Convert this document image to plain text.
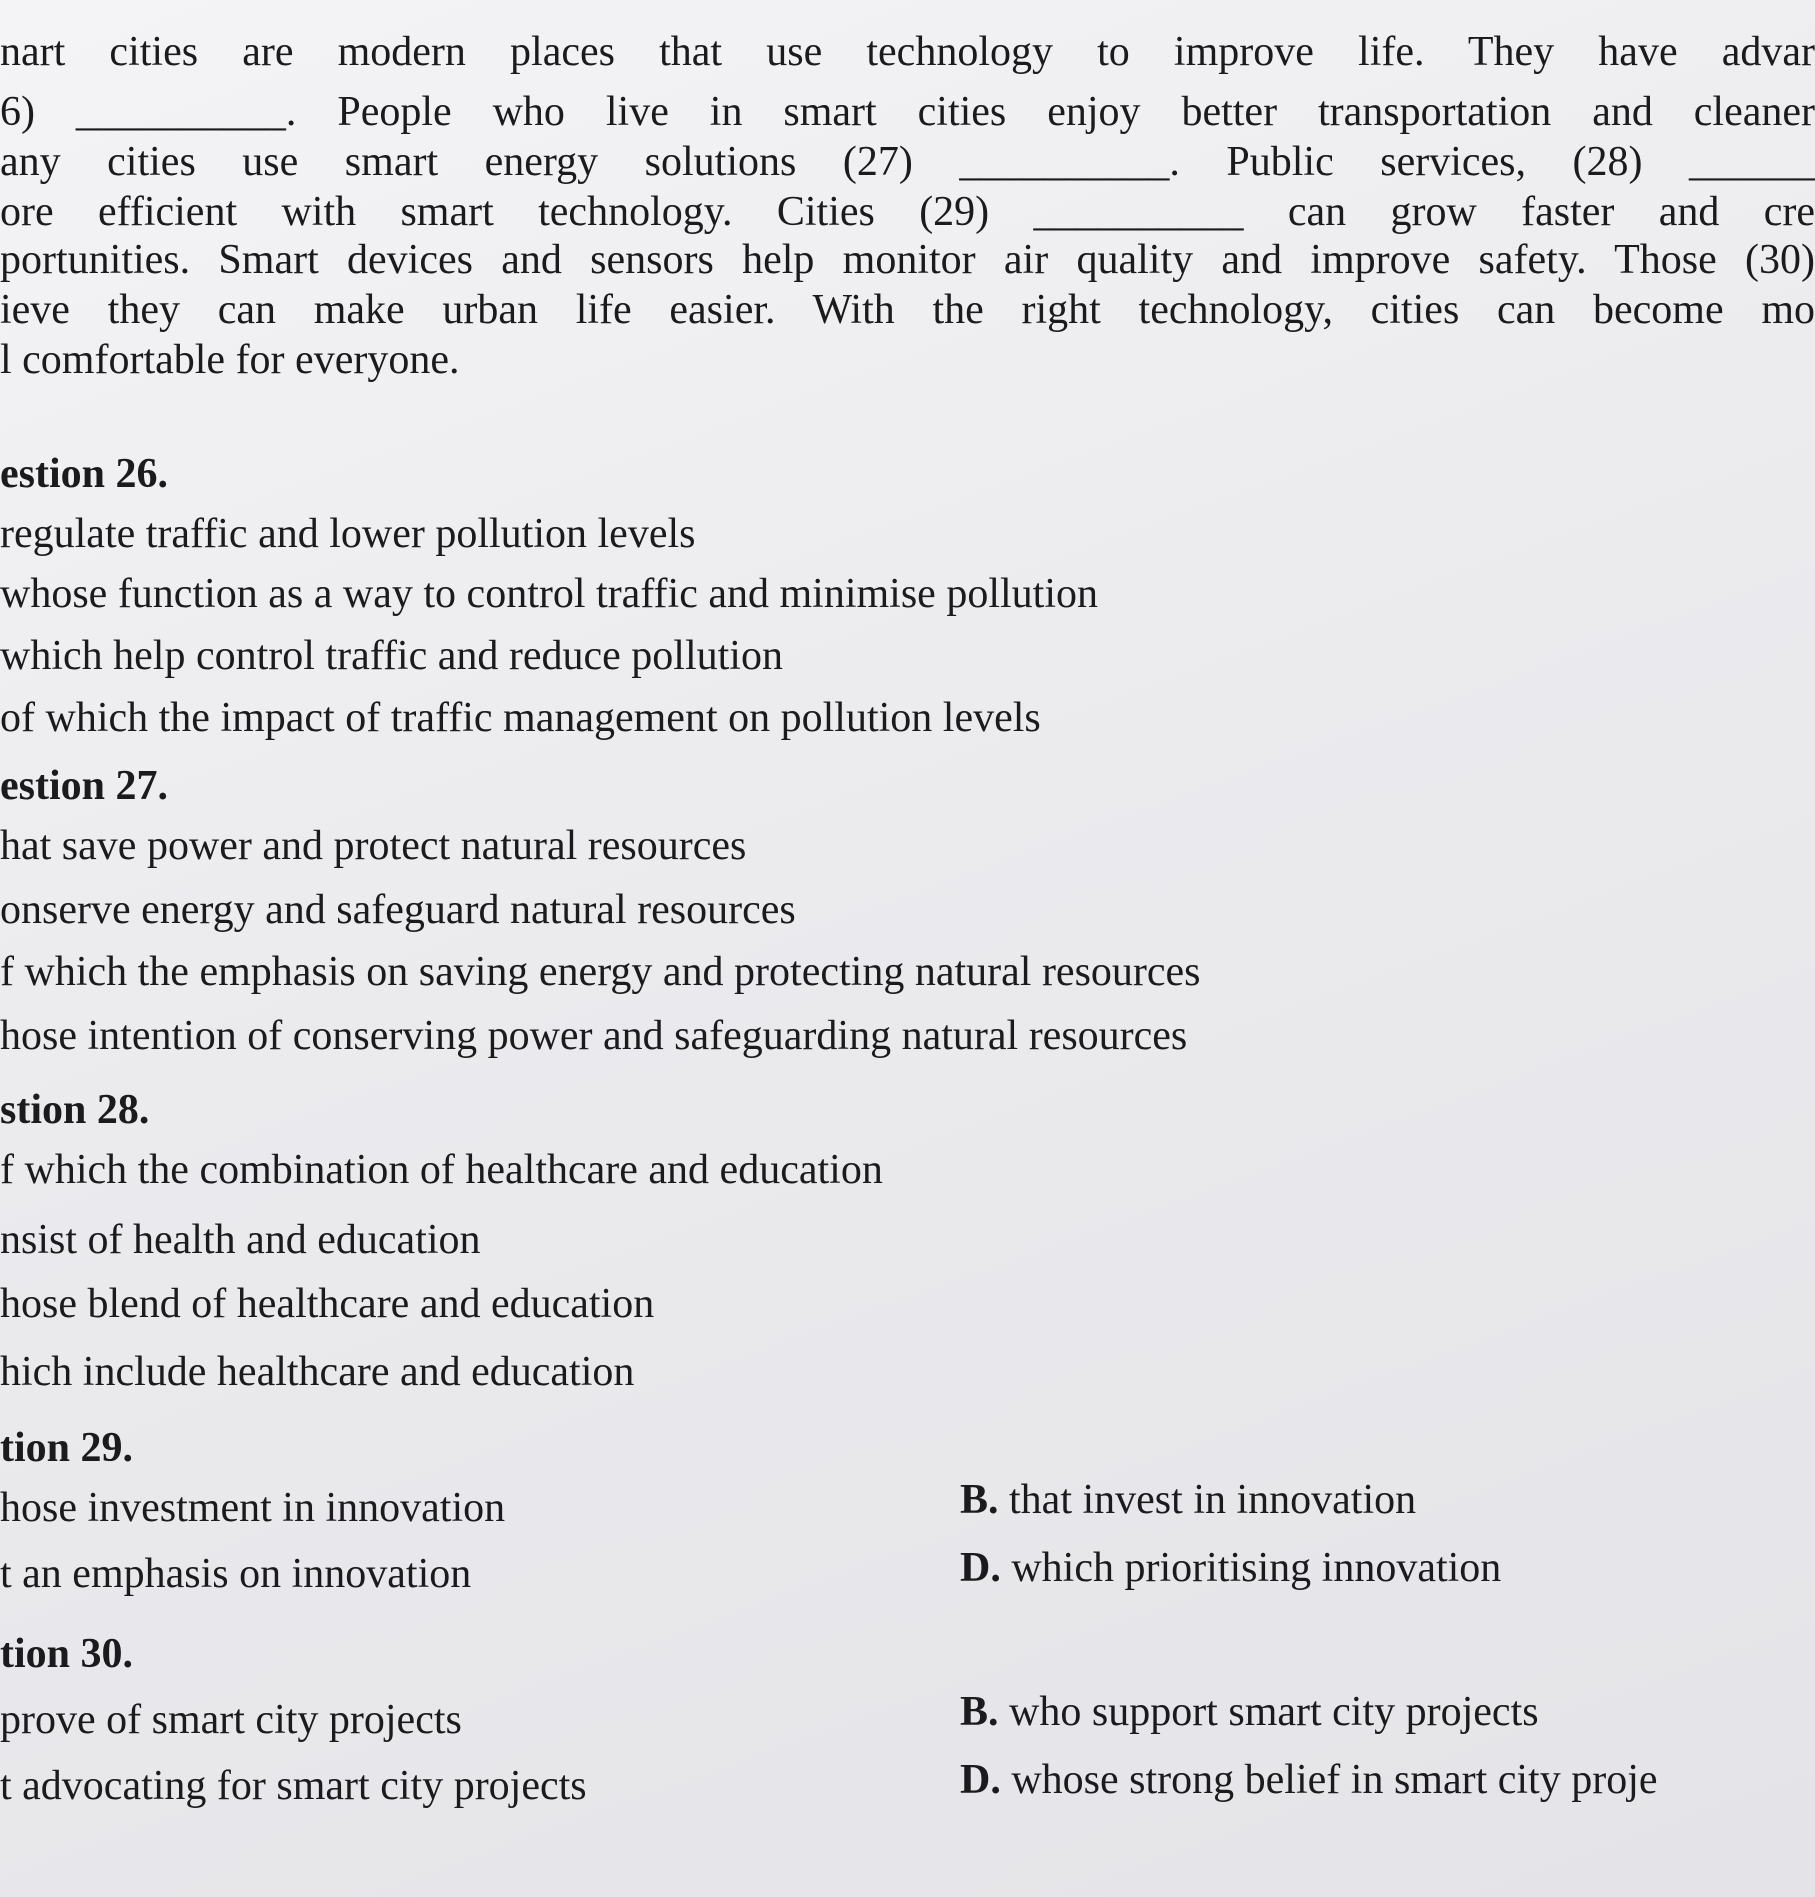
nart cities are modern places that use technology to improve life. They have advar
6) __________. People who live in smart cities enjoy better transportation and cleaner
any cities use smart energy solutions (27) __________. Public services, (28) ______
ore efficient with smart technology. Cities (29) __________ can grow faster and cre
portunities. Smart devices and sensors help monitor air quality and improve safety. Those (30)
ieve they can make urban life easier. With the right technology, cities can become mo
l comfortable for everyone.
estion 26.
regulate traffic and lower pollution levels
whose function as a way to control traffic and minimise pollution
which help control traffic and reduce pollution
of which the impact of traffic management on pollution levels
estion 27.
hat save power and protect natural resources
onserve energy and safeguard natural resources
f which the emphasis on saving energy and protecting natural resources
hose intention of conserving power and safeguarding natural resources
stion 28.
f which the combination of healthcare and education
nsist of health and education
hose blend of healthcare and education
hich include healthcare and education
tion 29.
hose investment in innovation	B. that invest in innovation
t an emphasis on innovation	D. which prioritising innovation
tion 30.
prove of smart city projects	B. who support smart city projects
t advocating for smart city projects	D. whose strong belief in smart city proje
